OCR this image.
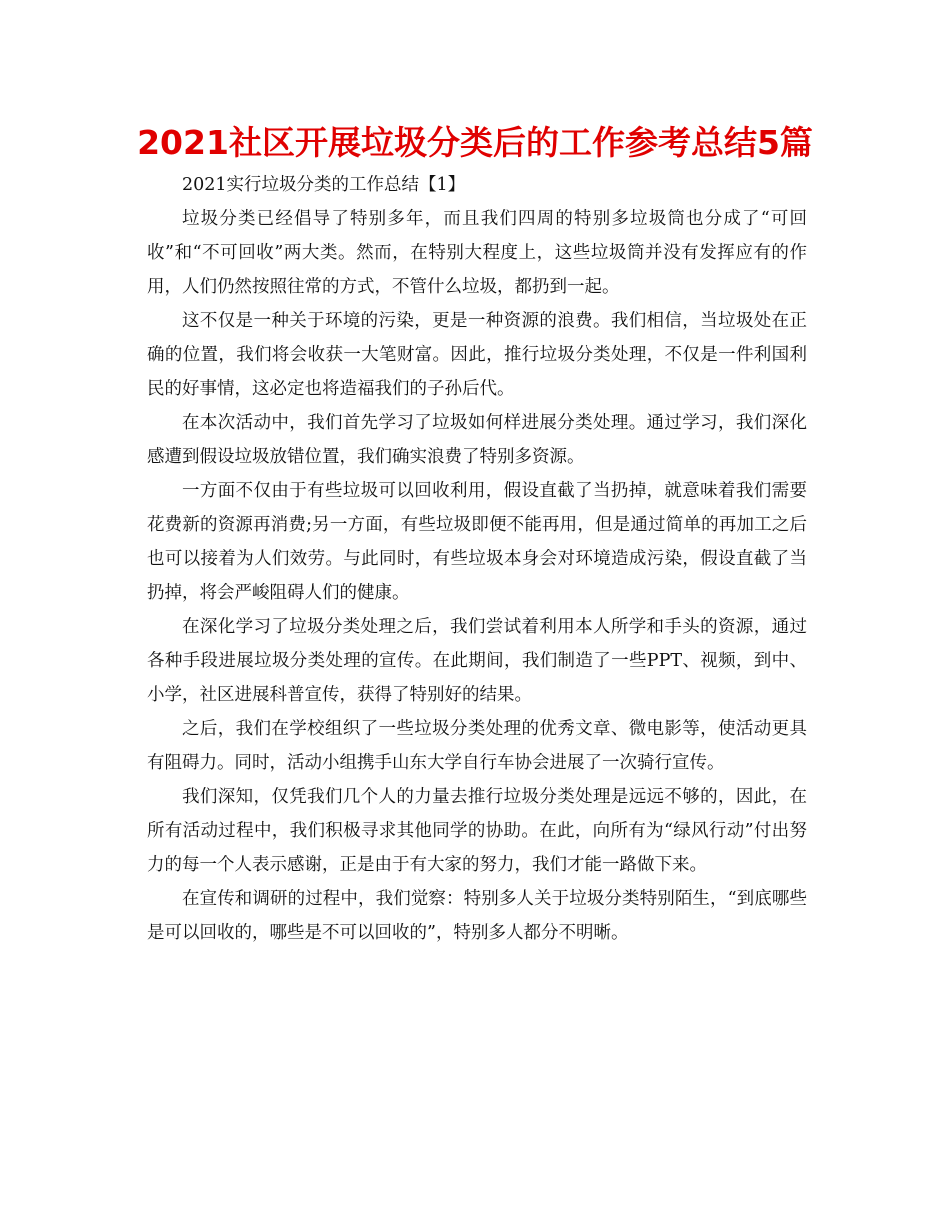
2021社区开展垃圾分类后的工作参考总结5篇

2021实行垃圾分类的工作总结【1】

垃圾分类已经倡导了特别多年，而且我们四周的特别多垃圾筒也分成了“可回收”和“不可回收”两大类。然而，在特别大程度上，这些垃圾筒并没有发挥应有的作用，人们仍然按照往常的方式，不管什么垃圾，都扔到一起。

这不仅是一种关于环境的污染，更是一种资源的浪费。我们相信，当垃圾处在正确的位置，我们将会收获一大笔财富。因此，推行垃圾分类处理，不仅是一件利国利民的好事情，这必定也将造福我们的子孙后代。

在本次活动中，我们首先学习了垃圾如何样进展分类处理。通过学习，我们深化感遭到假设垃圾放错位置，我们确实浪费了特别多资源。

一方面不仅由于有些垃圾可以回收利用，假设直截了当扔掉，就意味着我们需要花费新的资源再消费;另一方面，有些垃圾即便不能再用，但是通过简单的再加工之后也可以接着为人们效劳。与此同时，有些垃圾本身会对环境造成污染，假设直截了当扔掉，将会严峻阻碍人们的健康。

在深化学习了垃圾分类处理之后，我们尝试着利用本人所学和手头的资源，通过各种手段进展垃圾分类处理的宣传。在此期间，我们制造了一些PPT、视频，到中、小学，社区进展科普宣传，获得了特别好的结果。

之后，我们在学校组织了一些垃圾分类处理的优秀文章、微电影等，使活动更具有阻碍力。同时，活动小组携手山东大学自行车协会进展了一次骑行宣传。

我们深知，仅凭我们几个人的力量去推行垃圾分类处理是远远不够的，因此，在所有活动过程中，我们积极寻求其他同学的协助。在此，向所有为“绿风行动”付出努力的每一个人表示感谢，正是由于有大家的努力，我们才能一路做下来。

在宣传和调研的过程中，我们觉察：特别多人关于垃圾分类特别陌生，“到底哪些是可以回收的，哪些是不可以回收的”，特别多人都分不明晰。
